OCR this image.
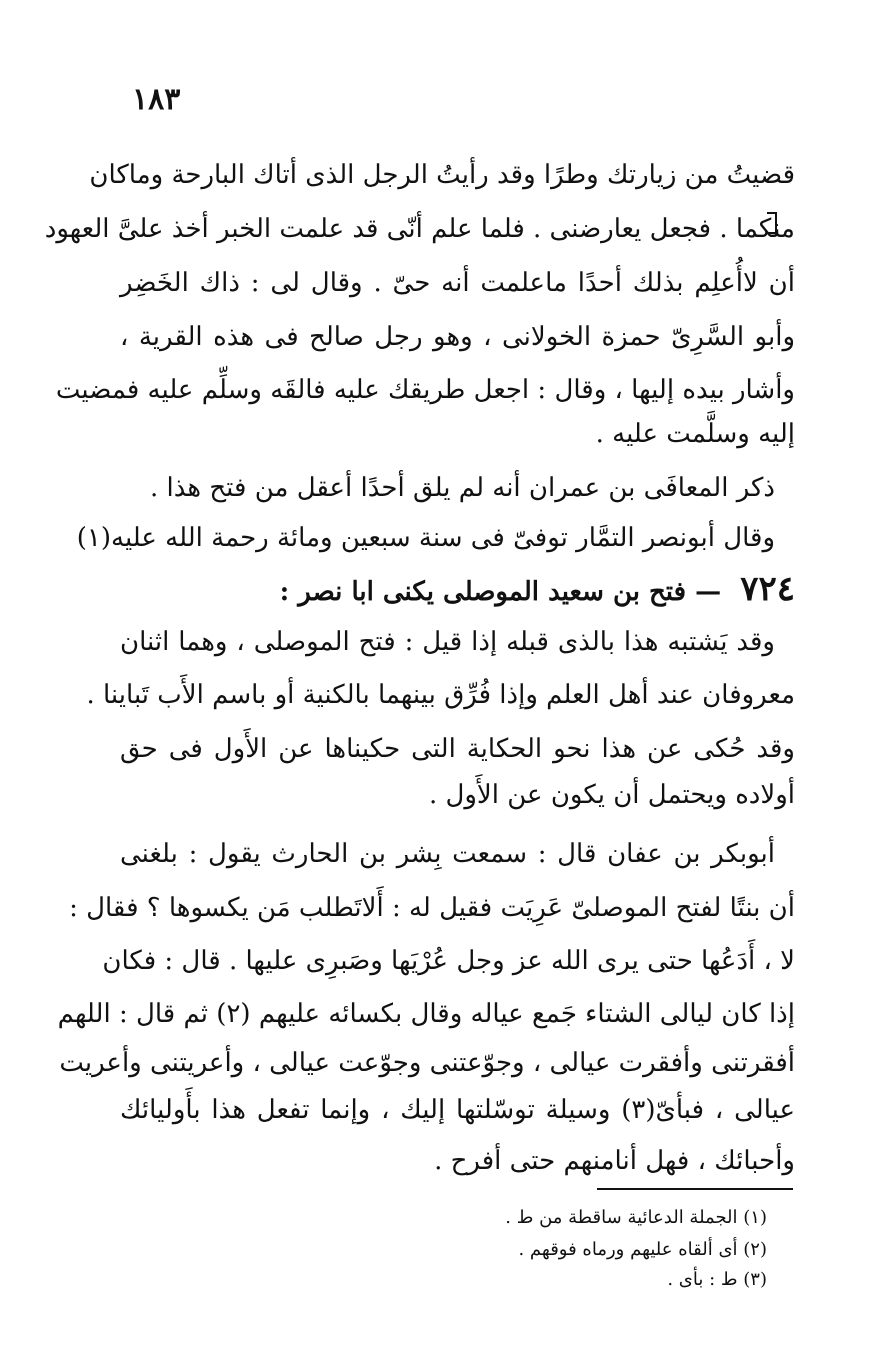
١٨٣
قضيتُ من زيارتك وطرًا وقد رأيتُ الرجل الذى أتاك البارحة وماكان
منكما . فجعل يعارضنى . فلما علم أنّى قد علمت الخبر أخذ علىَّ العهود
أن لاأُعلِم بذلك أحدًا ماعلمت أنه حىّ . وقال لى : ذاك الخَضِر
وأبو السَّرِىّ حمزة الخولانى ، وهو رجل صالح فى هذه القرية ،
وأشار بيده إليها ، وقال : اجعل طريقك عليه فالقَه وسلِّم عليه فمضيت
إليه وسلَّمت عليه .
ذكر المعافَى بن عمران أنه لم يلق أحدًا أعقل من فتح هذا .
وقال أبونصر التمَّار توفىّ فى سنة سبعين ومائة رحمة الله عليه(١)
٧٢٤ — فتح بن سعيد الموصلى يكنى ابا نصر :
وقد يَشتبه هذا بالذى قبله إذا قيل : فتح الموصلى ، وهما اثنان
معروفان عند أهل العلم وإذا فُرِّق بينهما بالكنية أو باسم الأَب تَباينا .
وقد حُكى عن هذا نحو الحكاية التى حكيناها عن الأَول فى حق
أولاده ويحتمل أن يكون عن الأَول .
أبوبكر بن عفان قال : سمعت بِشر بن الحارث يقول : بلغنى
أن بنتًا لفتح الموصلىّ عَرِيَت فقيل له : أَلاتَطلب مَن يكسوها ؟ فقال :
لا ، أَدَعُها حتى يرى الله عز وجل عُرْيَها وصَبرِى عليها . قال : فكان
إذا كان ليالى الشتاء جَمع عياله وقال بكسائه عليهم (٢) ثم قال : اللهم
أفقرتنى وأفقرت عيالى ، وجوّعتنى وجوّعت عيالى ، وأعريتنى وأعريت
عيالى ، فبأىّ(٣) وسيلة توسّلتها إليك ، وإنما تفعل هذا بأَوليائك
وأحبائك ، فهل أنامنهم حتى أفرح .
(١) الجملة الدعائية ساقطة من ط .
(٢) أى ألقاه عليهم ورماه فوقهم .
(٣) ط : بأى .
